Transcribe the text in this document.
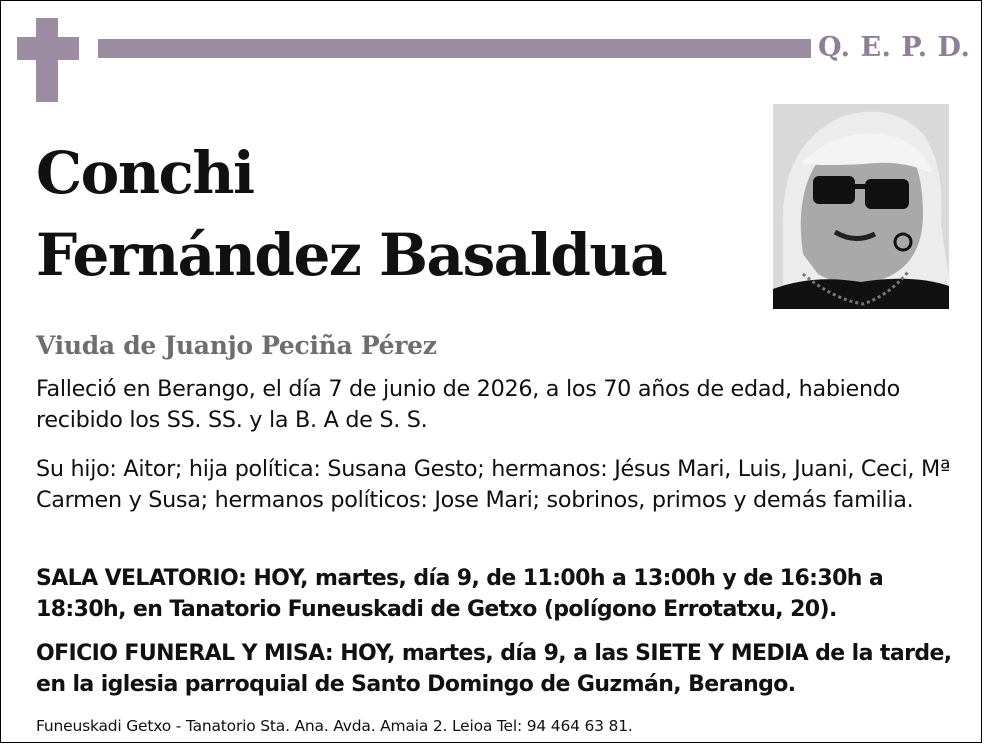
Q. E. P. D.
Conchi
Fernández Basaldua

Viuda de Juanjo Peciña Pérez

Falleció en Berango, el día 7 de junio de 2026, a los 70 años de edad, habiendo recibido los SS. SS. y la B. A de S. S.

Su hijo: Aitor; hija política: Susana Gesto; hermanos: Jésus Mari, Luis, Juani, Ceci, Mª Carmen y Susa; hermanos políticos: Jose Mari; sobrinos, primos y demás familia.

SALA VELATORIO: HOY, martes, día 9, de 11:00h a 13:00h y de 16:30h a 18:30h, en Tanatorio Funeuskadi de Getxo (polígono Errotatxu, 20).

OFICIO FUNERAL Y MISA: HOY, martes, día 9, a las SIETE Y MEDIA de la tarde, en la iglesia parroquial de Santo Domingo de Guzmán, Berango.

Funeuskadi Getxo - Tanatorio Sta. Ana. Avda. Amaia 2. Leioa Tel: 94 464 63 81.
